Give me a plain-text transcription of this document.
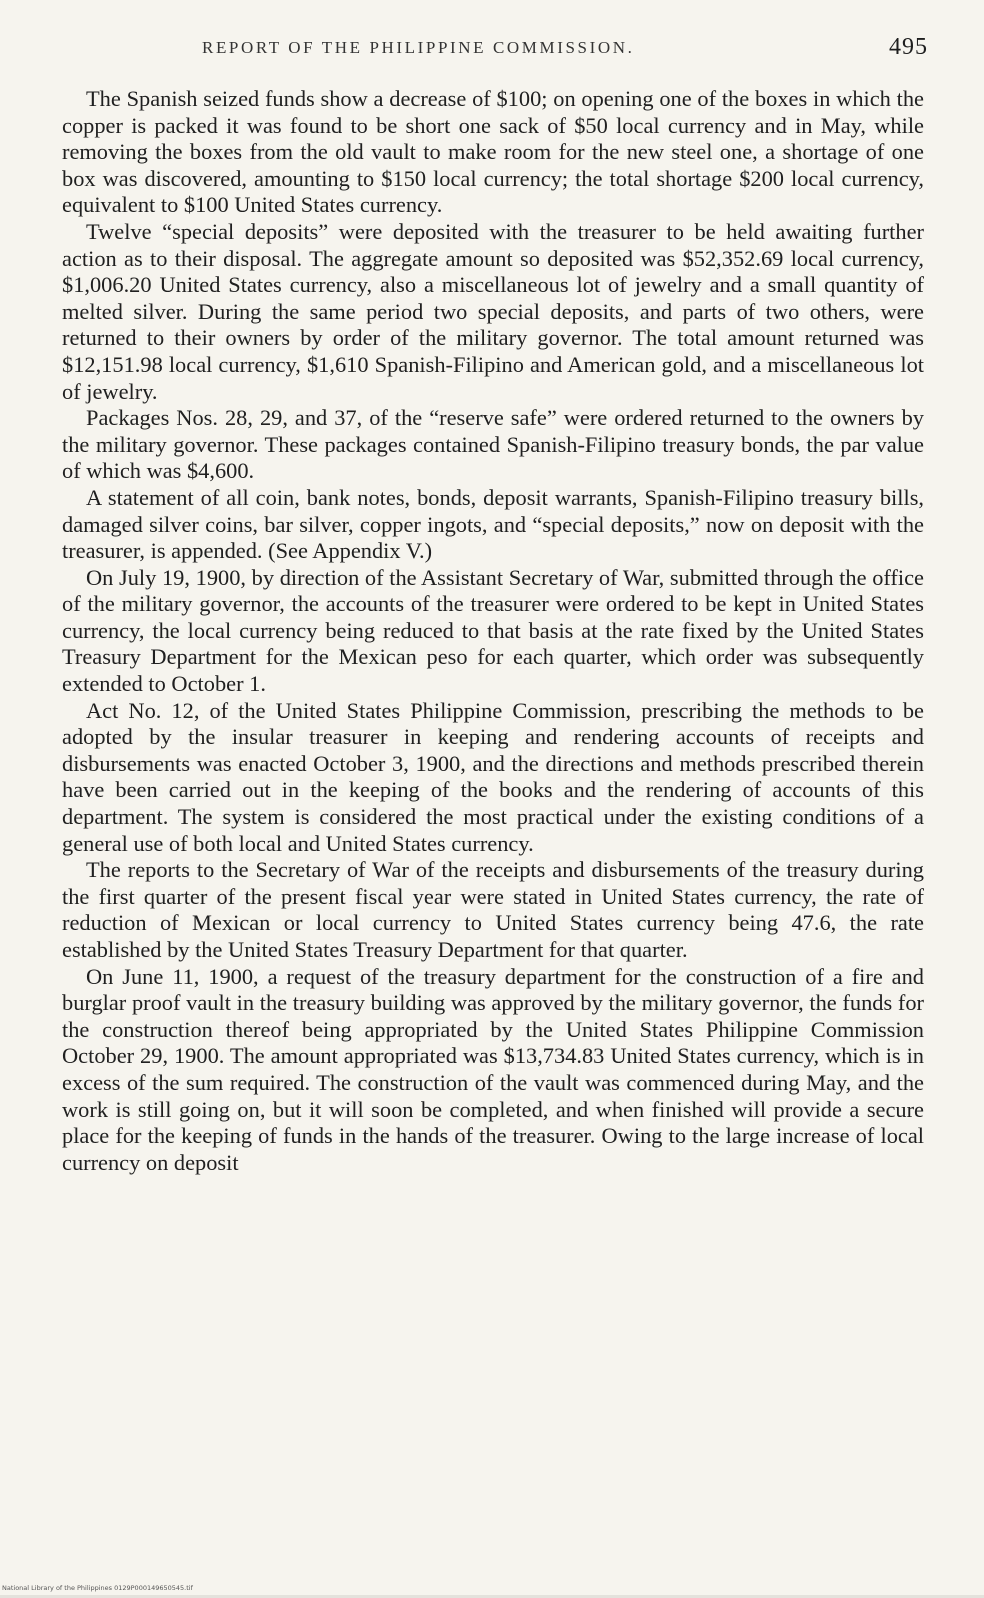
REPORT OF THE PHILIPPINE COMMISSION.	495

The Spanish seized funds show a decrease of $100; on opening one of the boxes in which the copper is packed it was found to be short one sack of $50 local currency and in May, while removing the boxes from the old vault to make room for the new steel one, a shortage of one box was discovered, amounting to $150 local currency; the total shortage $200 local currency, equivalent to $100 United States currency.

Twelve “special deposits” were deposited with the treasurer to be held awaiting further action as to their disposal. The aggregate amount so deposited was $52,352.69 local currency, $1,006.20 United States currency, also a miscellaneous lot of jewelry and a small quantity of melted silver. During the same period two special deposits, and parts of two others, were returned to their owners by order of the military governor. The total amount returned was $12,151.98 local currency, $1,610 Spanish-Filipino and American gold, and a miscellaneous lot of jewelry.

Packages Nos. 28, 29, and 37, of the “reserve safe” were ordered returned to the owners by the military governor. These packages contained Spanish-Filipino treasury bonds, the par value of which was $4,600.

A statement of all coin, bank notes, bonds, deposit warrants, Spanish-Filipino treasury bills, damaged silver coins, bar silver, copper ingots, and “special deposits,” now on deposit with the treasurer, is appended. (See Appendix V.)

On July 19, 1900, by direction of the Assistant Secretary of War, submitted through the office of the military governor, the accounts of the treasurer were ordered to be kept in United States currency, the local currency being reduced to that basis at the rate fixed by the United States Treasury Department for the Mexican peso for each quarter, which order was subsequently extended to October 1.

Act No. 12, of the United States Philippine Commission, prescribing the methods to be adopted by the insular treasurer in keeping and rendering accounts of receipts and disbursements was enacted October 3, 1900, and the directions and methods prescribed therein have been carried out in the keeping of the books and the rendering of accounts of this department. The system is considered the most practical under the existing conditions of a general use of both local and United States currency.

The reports to the Secretary of War of the receipts and disbursements of the treasury during the first quarter of the present fiscal year were stated in United States currency, the rate of reduction of Mexican or local currency to United States currency being 47.6, the rate established by the United States Treasury Department for that quarter.

On June 11, 1900, a request of the treasury department for the construction of a fire and burglar proof vault in the treasury building was approved by the military governor, the funds for the construction thereof being appropriated by the United States Philippine Commission October 29, 1900. The amount appropriated was $13,734.83 United States currency, which is in excess of the sum required. The construction of the vault was commenced during May, and the work is still going on, but it will soon be completed, and when finished will provide a secure place for the keeping of funds in the hands of the treasurer. Owing to the large increase of local currency on deposit

National Library of the Philippines 0129P000149650545.tif
